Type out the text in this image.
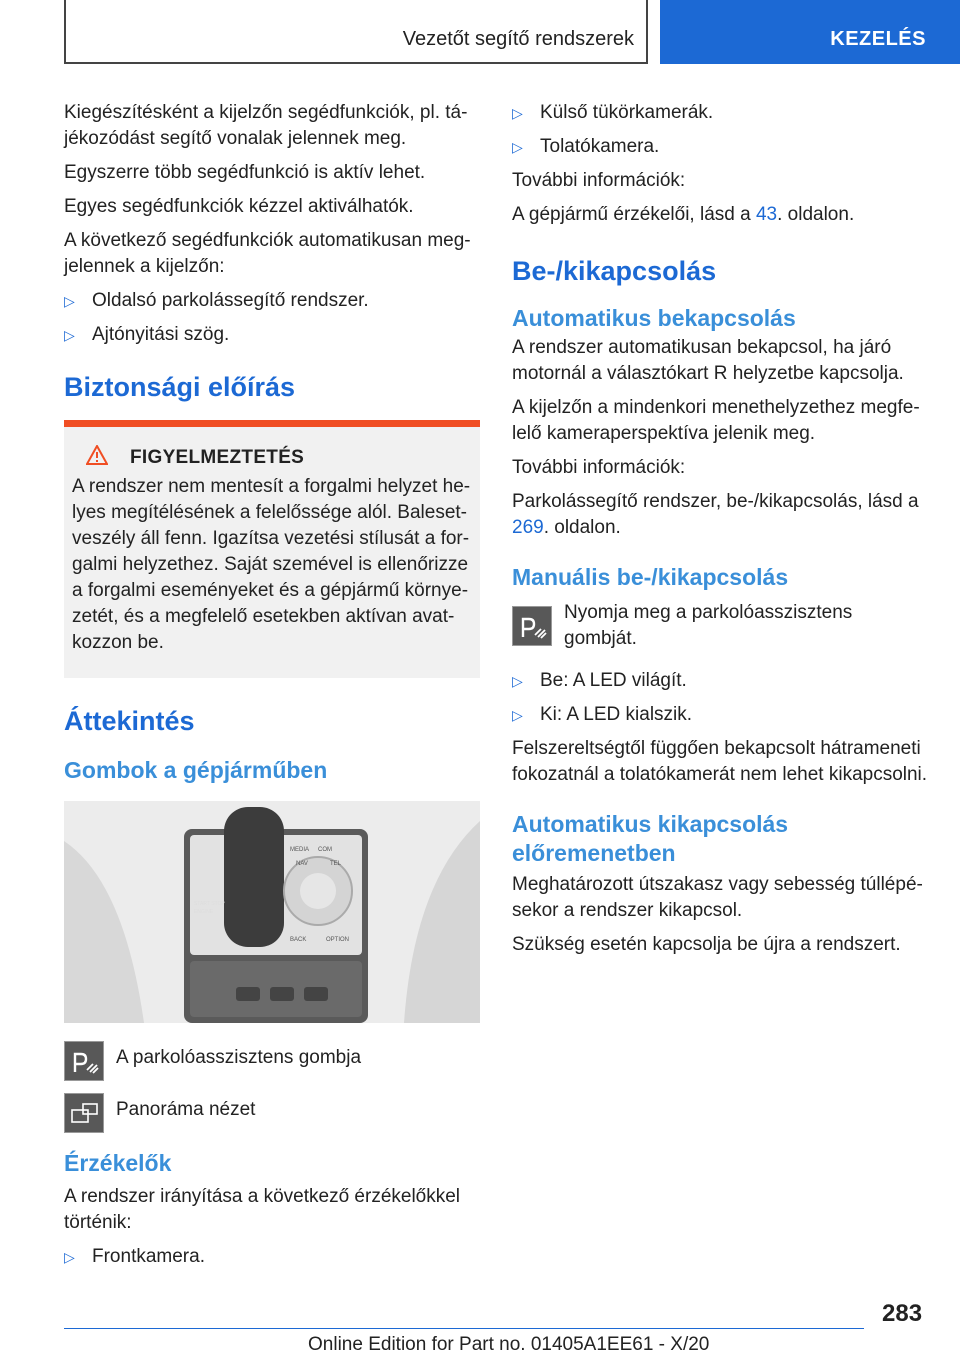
Vezetőt segítő rendszerek	KEZELÉS

Kiegészítésként a kijelzőn segédfunkciók, pl. tá-jékozódást segítő vonalak jelennek meg.

Egyszerre több segédfunkció is aktív lehet.

Egyes segédfunkciók kézzel aktiválhatók.

A következő segédfunkciók automatikusan meg-jelennek a kijelzőn:

▷ Oldalsó parkolássegítő rendszer.
▷ Ajtónyitási szög.
Biztonsági előírás
FIGYELMEZTETÉS

A rendszer nem mentesít a forgalmi helyzet he-lyes megítélésének a felelőssége alól. Baleset-veszély áll fenn. Igazítsa vezetési stílusát a for-galmi helyzethez. Saját szemével is ellenőrizze a forgalmi eseményeket és a gépjármű környe-zetét, és a megfelelő esetekben aktívan avat-kozzon be.

Áttekintés
Gombok a gépjárműben
MEDIA COM
NAV	TEL
BACK	OPTION
START STOP
ENGINE

A parkolóasszisztens gombja

Panoráma nézet

Érzékelők

A rendszer irányítása a következő érzékelőkkel történik:

▷ Frontkamera.
▷ Külső tükörkamerák.
▷ Tolatókamera.

További információk:

A gépjármű érzékelői, lásd a 43. oldalon.

Be-/kikapcsolás
Automatikus bekapcsolás

A rendszer automatikusan bekapcsol, ha járó motornál a választókart R helyzetbe kapcsolja.

A kijelzőn a mindenkori menethelyzethez megfe-lelő kameraperspektíva jelenik meg.

További információk:

Parkolássegítő rendszer, be-/kikapcsolás, lásd a 269. oldalon.

Manuális be-/kikapcsolás

Nyomja meg a parkolóasszisztens gombját.

▷ Be: A LED világít.
▷ Ki: A LED kialszik.

Felszereltségtől függően bekapcsolt hátrameneti fokozatnál a tolatókamerát nem lehet kikapcsolni.

Automatikus kikapcsolás előremenetben

Meghatározott útszakasz vagy sebesség túllépé-sekor a rendszer kikapcsol.

Szükség esetén kapcsolja be újra a rendszert.

283
Online Edition for Part no. 01405A1EE61 - X/20
